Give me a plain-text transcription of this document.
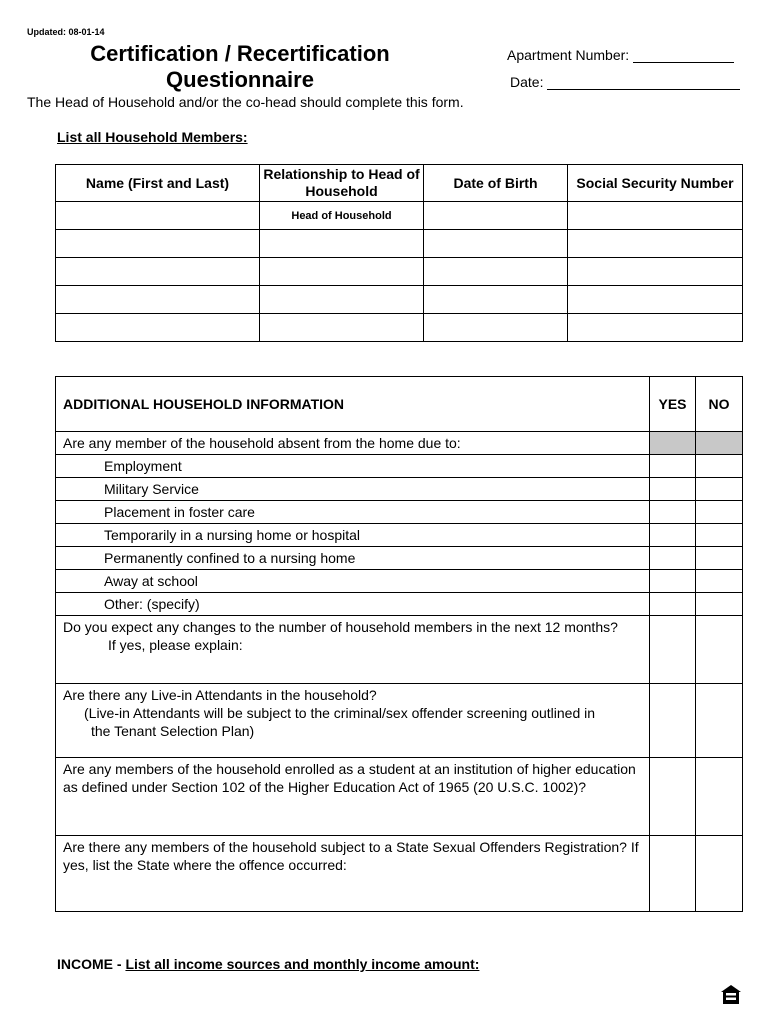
Updated: 08-01-14
Certification / Recertification
Questionnaire
Apartment Number:
Date:
The Head of Household and/or the co-head should complete this form.
List all Household Members:
Name (First and Last)	Relationship to Head of Household	Date of Birth	Social Security Number
	Head of Household		

ADDITIONAL HOUSEHOLD INFORMATION	YES	NO
Are any member of the household absent from the home due to:		
Employment		
Military Service		
Placement in foster care		
Temporarily in a nursing home or hospital		
Permanently confined to a nursing home		
Away at school		
Other: (specify)		
Do you expect any changes to the number of household members in the next 12 months?
If yes, please explain:		

Are there any Live-in Attendants in the household?
(Live-in Attendants will be subject to the criminal/sex offender screening outlined in
the Tenant Selection Plan)		

Are any members of the household enrolled as a student at an institution of higher education as defined under Section 102 of the Higher Education Act of 1965 (20 U.S.C. 1002)?		
Are there any members of the household subject to a State Sexual Offenders Registration? If yes, list the State where the offence occurred:		
INCOME - List all income sources and monthly income amount:
